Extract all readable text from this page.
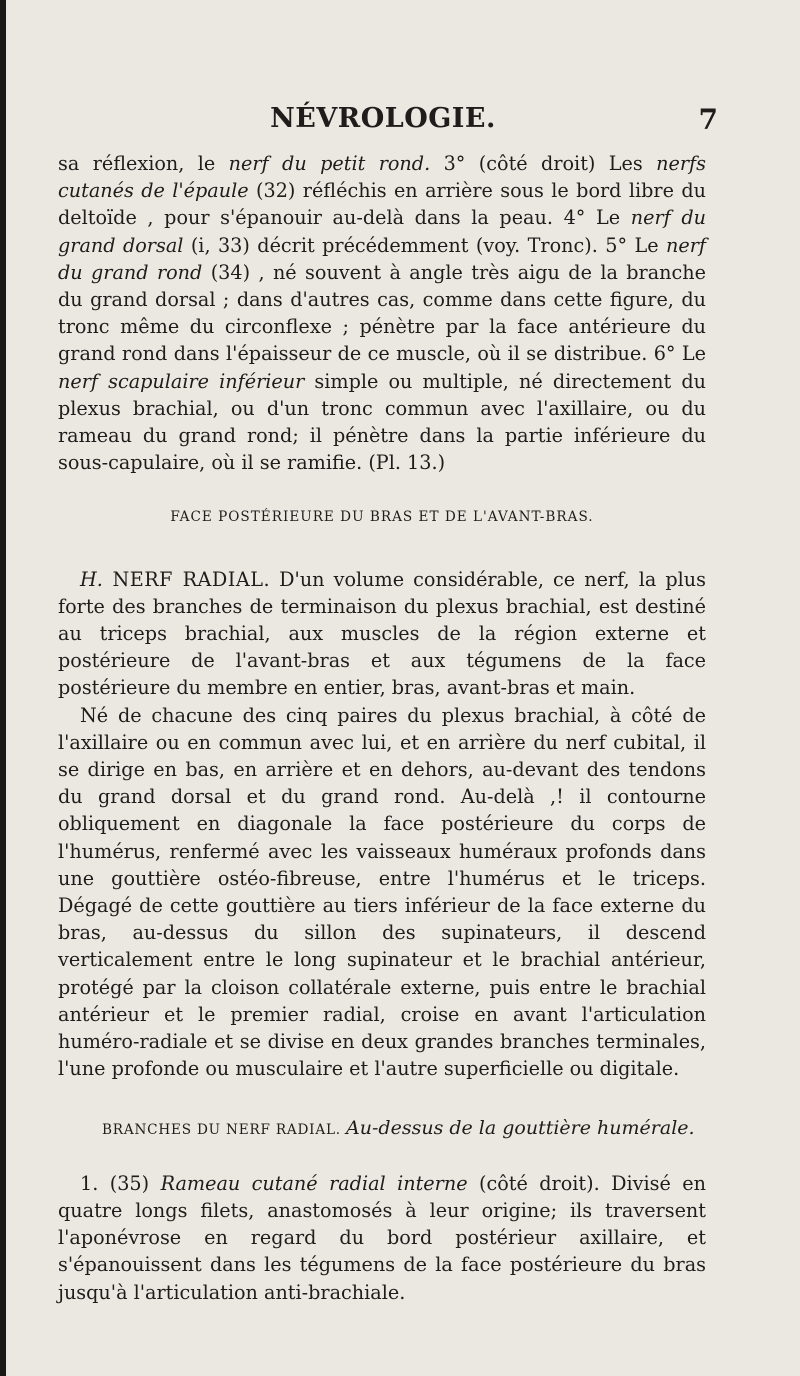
NÉVROLOGIE.	7

sa réflexion, le nerf du petit rond. 3° (côté droit) Les nerfs cutanés de l'épaule (32) réfléchis en arrière sous le bord libre du deltoïde , pour s'épanouir au-delà dans la peau. 4° Le nerf du grand dorsal (i, 33) décrit précédemment (voy. Tronc). 5° Le nerf du grand rond (34) , né souvent à angle très aigu de la branche du grand dorsal ; dans d'autres cas, comme dans cette figure, du tronc même du circonflexe ; pénètre par la face antérieure du grand rond dans l'épaisseur de ce muscle, où il se distribue. 6° Le nerf scapulaire inférieur simple ou multiple, né directement du plexus brachial, ou d'un tronc commun avec l'axillaire, ou du rameau du grand rond; il pénètre dans la partie inférieure du sous-capulaire, où il se ramifie. (Pl. 13.)

FACE POSTÉRIEURE DU BRAS ET DE L'AVANT-BRAS.

H. NERF RADIAL. D'un volume considérable, ce nerf, la plus forte des branches de terminaison du plexus brachial, est destiné au triceps brachial, aux muscles de la région externe et postérieure de l'avant-bras et aux tégumens de la face postérieure du membre en entier, bras, avant-bras et main.

Né de chacune des cinq paires du plexus brachial, à côté de l'axillaire ou en commun avec lui, et en arrière du nerf cubital, il se dirige en bas, en arrière et en dehors, au-devant des tendons du grand dorsal et du grand rond. Au-delà ,! il contourne obliquement en diagonale la face postérieure du corps de l'humérus, renfermé avec les vaisseaux huméraux profonds dans une gouttière ostéo-fibreuse, entre l'humérus et le triceps. Dégagé de cette gouttière au tiers inférieur de la face externe du bras, au-dessus du sillon des supinateurs, il descend verticalement entre le long supinateur et le brachial antérieur, protégé par la cloison collatérale externe, puis entre le brachial antérieur et le premier radial, croise en avant l'articulation huméro-radiale et se divise en deux grandes branches terminales, l'une profonde ou musculaire et l'autre superficielle ou digitale.

BRANCHES DU NERF RADIAL. Au-dessus de la gouttière humérale.

1. (35) Rameau cutané radial interne (côté droit). Divisé en quatre longs filets, anastomosés à leur origine; ils traversent l'aponévrose en regard du bord postérieur axillaire, et s'épanouissent dans les tégumens de la face postérieure du bras jusqu'à l'articulation anti-brachiale.
